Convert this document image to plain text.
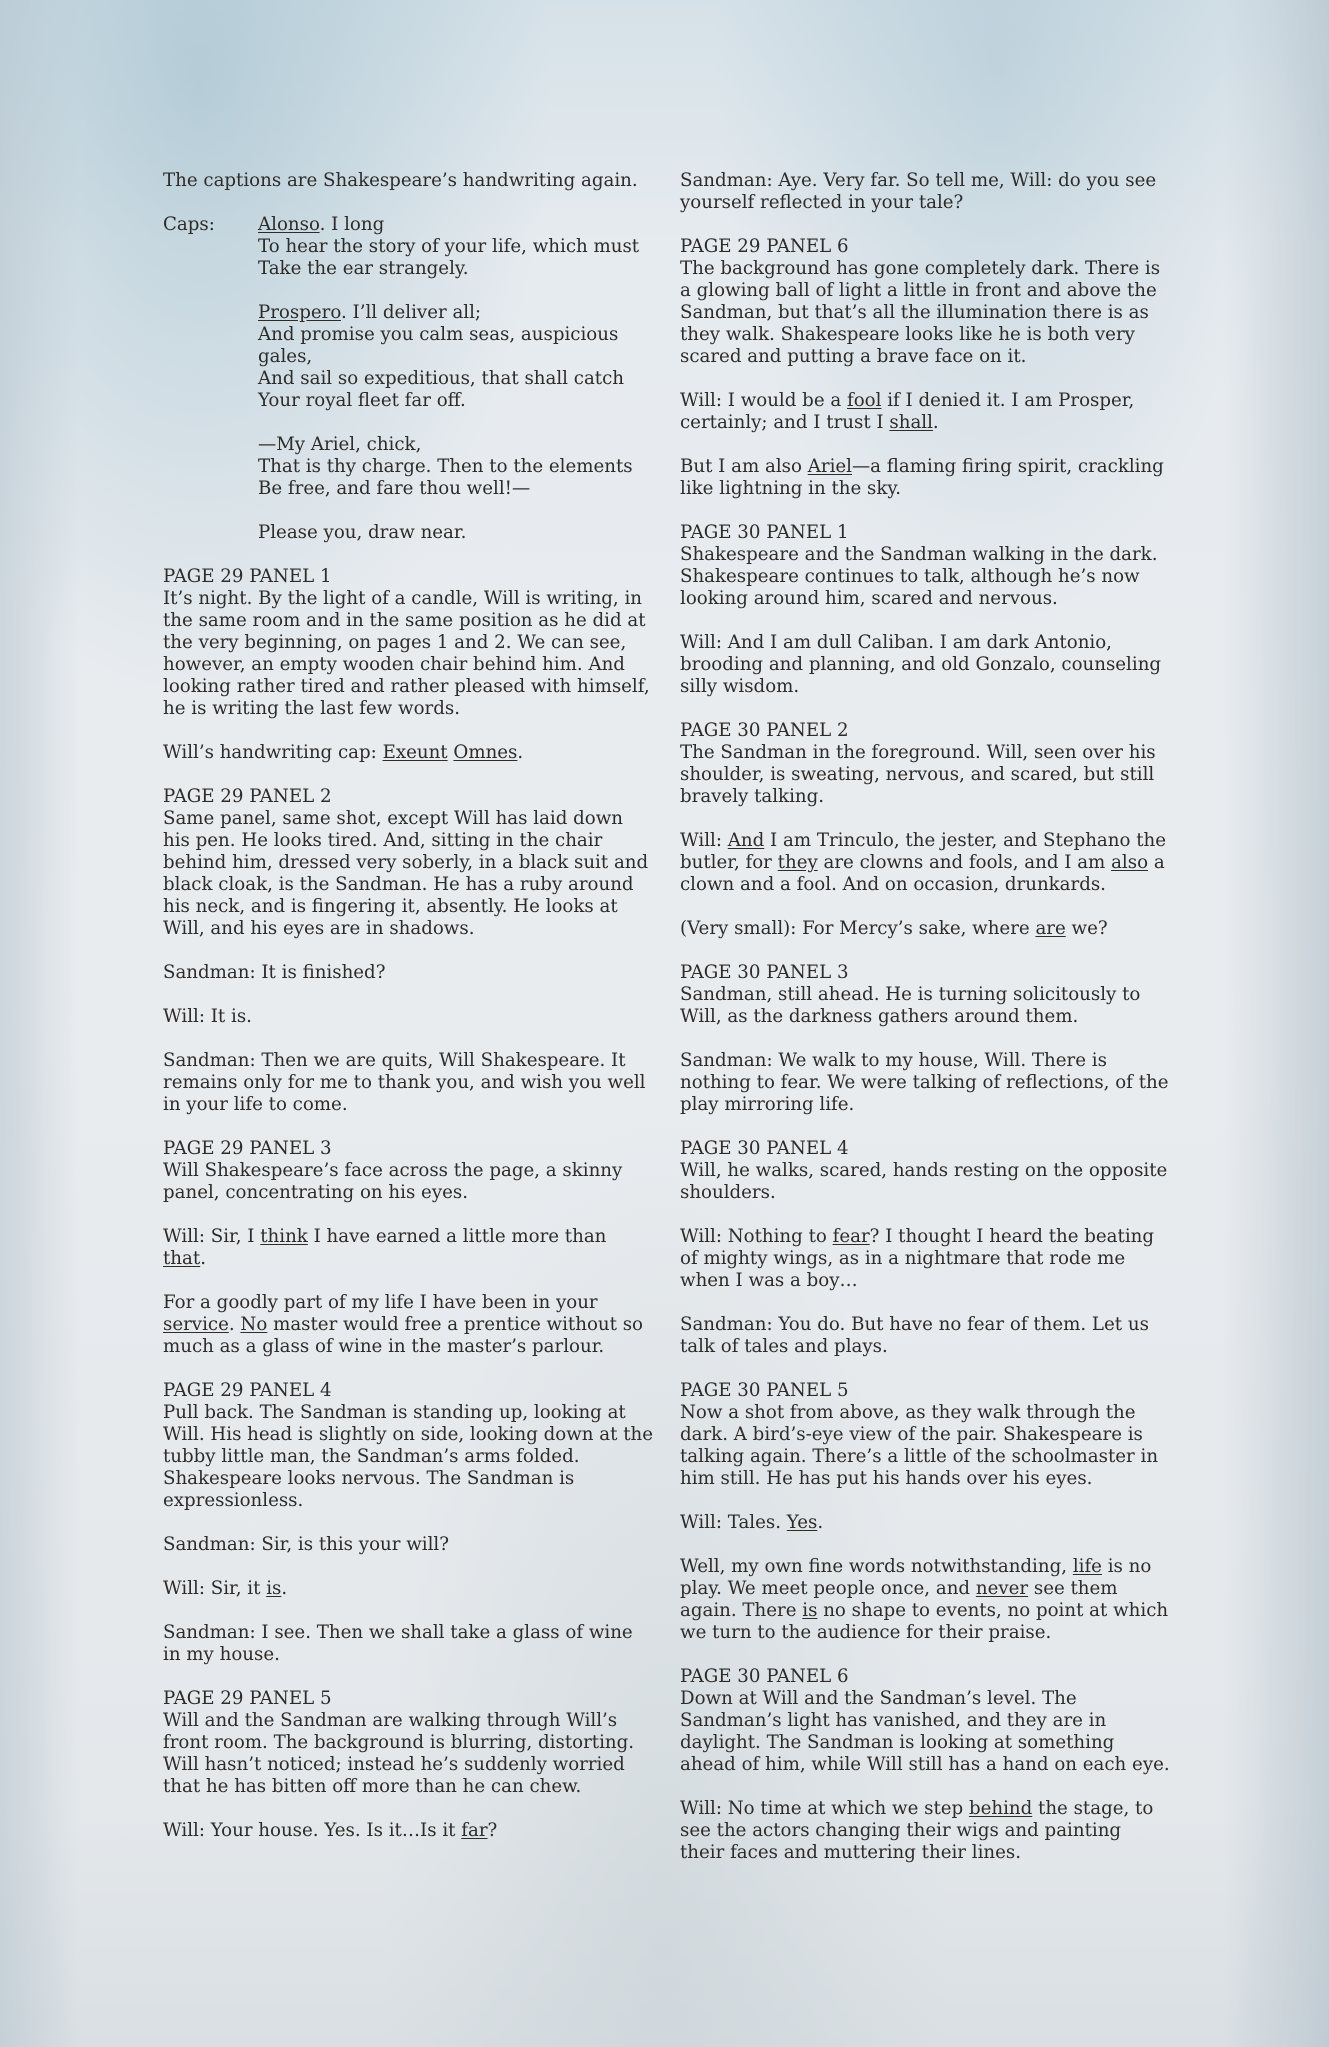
The captions are Shakespeare’s handwriting again.

Caps:	Alonso. I long
To hear the story of your life, which must
Take the ear strangely.

Prospero. I’ll deliver all;
And promise you calm seas, auspicious gales,
And sail so expeditious, that shall catch
Your royal fleet far off.

—My Ariel, chick,
That is thy charge. Then to the elements
Be free, and fare thou well!—

Please you, draw near.

PAGE 29 PANEL 1
It’s night. By the light of a candle, Will is writing, in the same room and in the same position as he did at the very beginning, on pages 1 and 2. We can see, however, an empty wooden chair behind him. And looking rather tired and rather pleased with himself, he is writing the last few words.

Will’s handwriting cap: Exeunt Omnes.

PAGE 29 PANEL 2
Same panel, same shot, except Will has laid down his pen. He looks tired. And, sitting in the chair behind him, dressed very soberly, in a black suit and black cloak, is the Sandman. He has a ruby around his neck, and is fingering it, absently. He looks at Will, and his eyes are in shadows.

Sandman: It is finished?

Will: It is.

Sandman: Then we are quits, Will Shakespeare. It remains only for me to thank you, and wish you well in your life to come.

PAGE 29 PANEL 3
Will Shakespeare’s face across the page, a skinny panel, concentrating on his eyes.

Will: Sir, I think I have earned a little more than that.

For a goodly part of my life I have been in your service. No master would free a prentice without so much as a glass of wine in the master’s parlour.

PAGE 29 PANEL 4
Pull back. The Sandman is standing up, looking at Will. His head is slightly on side, looking down at the tubby little man, the Sandman’s arms folded. Shakespeare looks nervous. The Sandman is expressionless.

Sandman: Sir, is this your will?

Will: Sir, it is.

Sandman: I see. Then we shall take a glass of wine in my house.

PAGE 29 PANEL 5
Will and the Sandman are walking through Will’s front room. The background is blurring, distorting. Will hasn’t noticed; instead he’s suddenly worried that he has bitten off more than he can chew.

Will: Your house. Yes. Is it…Is it far?

Sandman: Aye. Very far. So tell me, Will: do you see yourself reflected in your tale?

PAGE 29 PANEL 6
The background has gone completely dark. There is a glowing ball of light a little in front and above the Sandman, but that’s all the illumination there is as they walk. Shakespeare looks like he is both very scared and putting a brave face on it.

Will: I would be a fool if I denied it. I am Prosper, certainly; and I trust I shall.

But I am also Ariel—a flaming firing spirit, crackling like lightning in the sky.

PAGE 30 PANEL 1
Shakespeare and the Sandman walking in the dark. Shakespeare continues to talk, although he’s now looking around him, scared and nervous.

Will: And I am dull Caliban. I am dark Antonio, brooding and planning, and old Gonzalo, counseling silly wisdom.

PAGE 30 PANEL 2
The Sandman in the foreground. Will, seen over his shoulder, is sweating, nervous, and scared, but still bravely talking.

Will: And I am Trinculo, the jester, and Stephano the butler, for they are clowns and fools, and I am also a clown and a fool. And on occasion, drunkards.

(Very small): For Mercy’s sake, where are we?

PAGE 30 PANEL 3
Sandman, still ahead. He is turning solicitously to Will, as the darkness gathers around them.

Sandman: We walk to my house, Will. There is nothing to fear. We were talking of reflections, of the play mirroring life.

PAGE 30 PANEL 4
Will, he walks, scared, hands resting on the opposite shoulders.

Will: Nothing to fear? I thought I heard the beating of mighty wings, as in a nightmare that rode me when I was a boy…

Sandman: You do. But have no fear of them. Let us talk of tales and plays.

PAGE 30 PANEL 5
Now a shot from above, as they walk through the dark. A bird’s-eye view of the pair. Shakespeare is talking again. There’s a little of the schoolmaster in him still. He has put his hands over his eyes.

Will: Tales. Yes.

Well, my own fine words notwithstanding, life is no play. We meet people once, and never see them again. There is no shape to events, no point at which we turn to the audience for their praise.

PAGE 30 PANEL 6
Down at Will and the Sandman’s level. The Sandman’s light has vanished, and they are in daylight. The Sandman is looking at something ahead of him, while Will still has a hand on each eye.

Will: No time at which we step behind the stage, to see the actors changing their wigs and painting their faces and muttering their lines.
